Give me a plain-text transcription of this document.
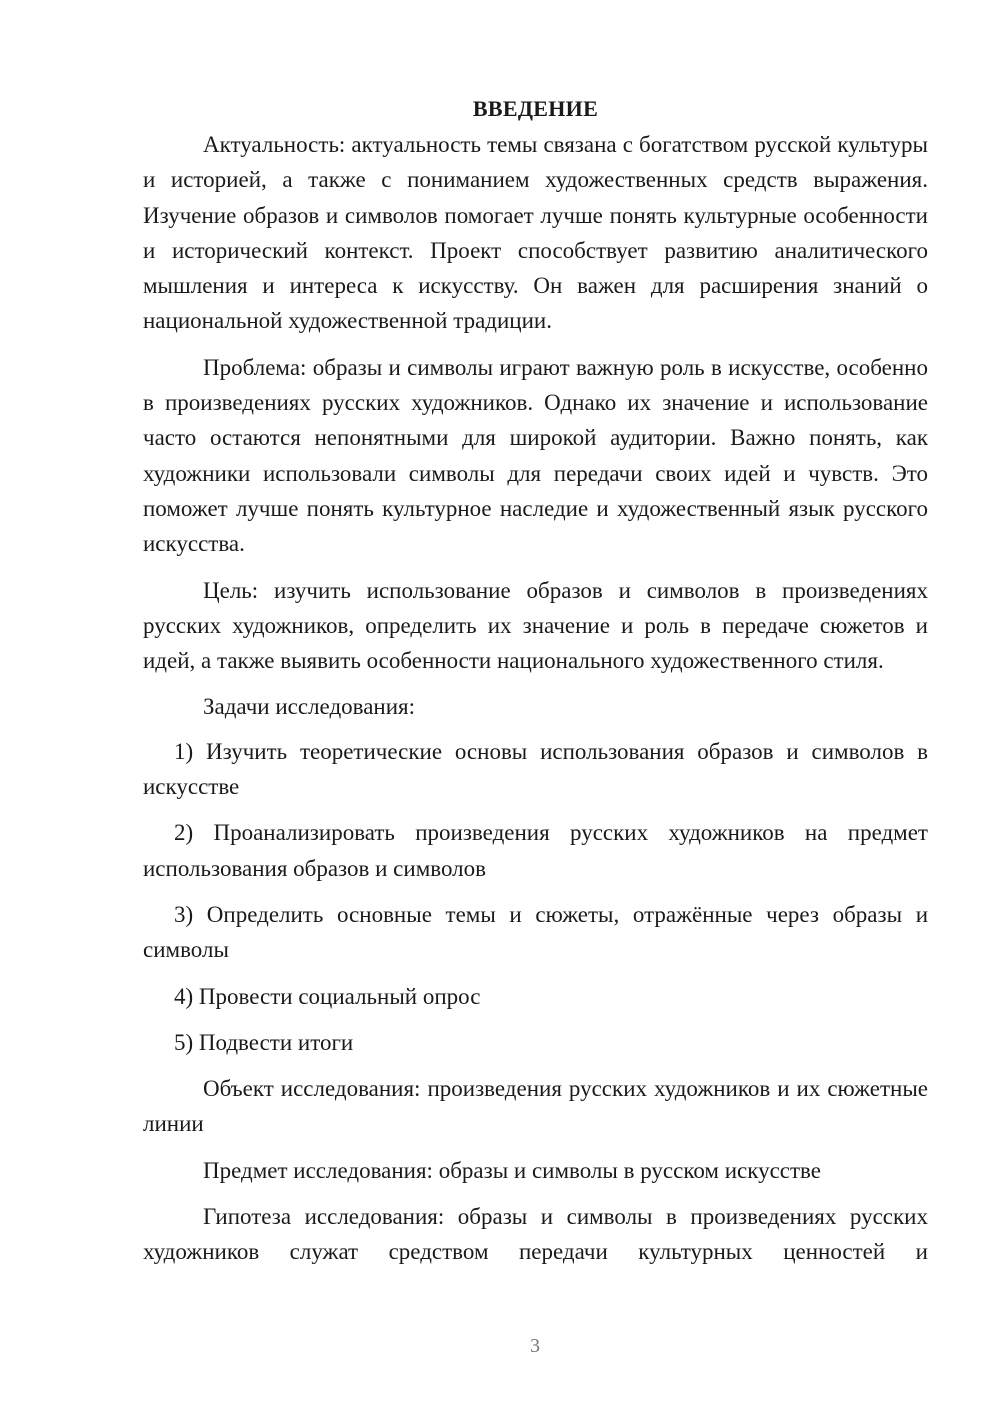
ВВЕДЕНИЕ

Актуальность: актуальность темы связана с богатством русской культуры и историей, а также с пониманием художественных средств выражения. Изучение образов и символов помогает лучше понять культурные особенности и исторический контекст. Проект способствует развитию аналитического мышления и интереса к искусству. Он важен для расширения знаний о национальной художественной традиции.

Проблема: образы и символы играют важную роль в искусстве, особенно в произведениях русских художников. Однако их значение и использование часто остаются непонятными для широкой аудитории. Важно понять, как художники использовали символы для передачи своих идей и чувств. Это поможет лучше понять культурное наследие и художественный язык русского искусства.

Цель: изучить использование образов и символов в произведениях русских художников, определить их значение и роль в передаче сюжетов и идей, а также выявить особенности национального художественного стиля.

Задачи исследования:

1) Изучить теоретические основы использования образов и символов в искусстве

2) Проанализировать произведения русских художников на предмет использования образов и символов

3) Определить основные темы и сюжеты, отражённые через образы и символы

4) Провести социальный опрос

5) Подвести итоги

Объект исследования: произведения русских художников и их сюжетные линии

Предмет исследования: образы и символы в русском искусстве

Гипотеза исследования: образы и символы в произведениях русских художников служат средством передачи культурных ценностей и

3
